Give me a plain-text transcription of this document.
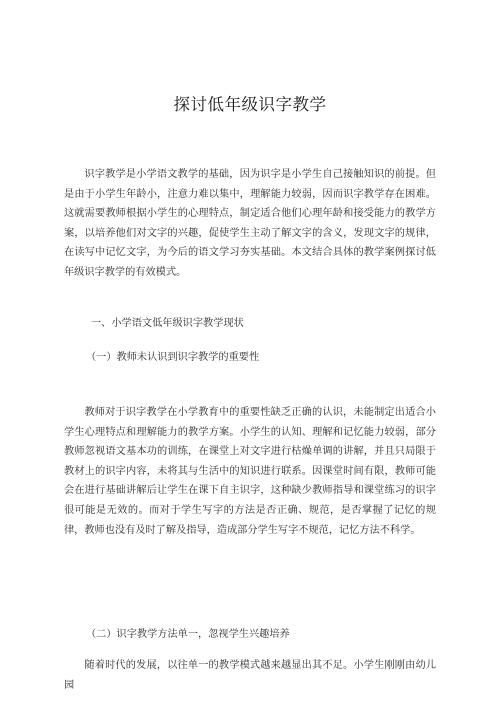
探讨低年级识字教学

识字教学是小学语文教学的基础，因为识字是小学生自己接触知识的前提。但是由于小学生年龄小，注意力难以集中，理解能力较弱，因而识字教学存在困难。这就需要教师根据小学生的心理特点，制定适合他们心理年龄和接受能力的教学方案，以培养他们对文字的兴趣，促使学生主动了解文字的含义，发现文字的规律，在读写中记忆文字，为今后的语文学习夯实基础。本文结合具体的教学案例探讨低年级识字教学的有效模式。

一、小学语文低年级识字教学现状

（一）教师未认识到识字教学的重要性

教师对于识字教学在小学教育中的重要性缺乏正确的认识，未能制定出适合小学生心理特点和理解能力的教学方案。小学生的认知、理解和记忆能力较弱，部分教师忽视语文基本功的训练，在课堂上对文字进行枯燥单调的讲解，并且只局限于教材上的识字内容，未将其与生活中的知识进行联系。因课堂时间有限，教师可能会在进行基础讲解后让学生在课下自主识字，这种缺少教师指导和课堂练习的识字很可能是无效的。而对于学生写字的方法是否正确、规范，是否掌握了记忆的规律，教师也没有及时了解及指导，造成部分学生写字不规范，记忆方法不科学。

（二）识字教学方法单一，忽视学生兴趣培养

随着时代的发展，以往单一的教学模式越来越显出其不足。小学生刚刚由幼儿园
